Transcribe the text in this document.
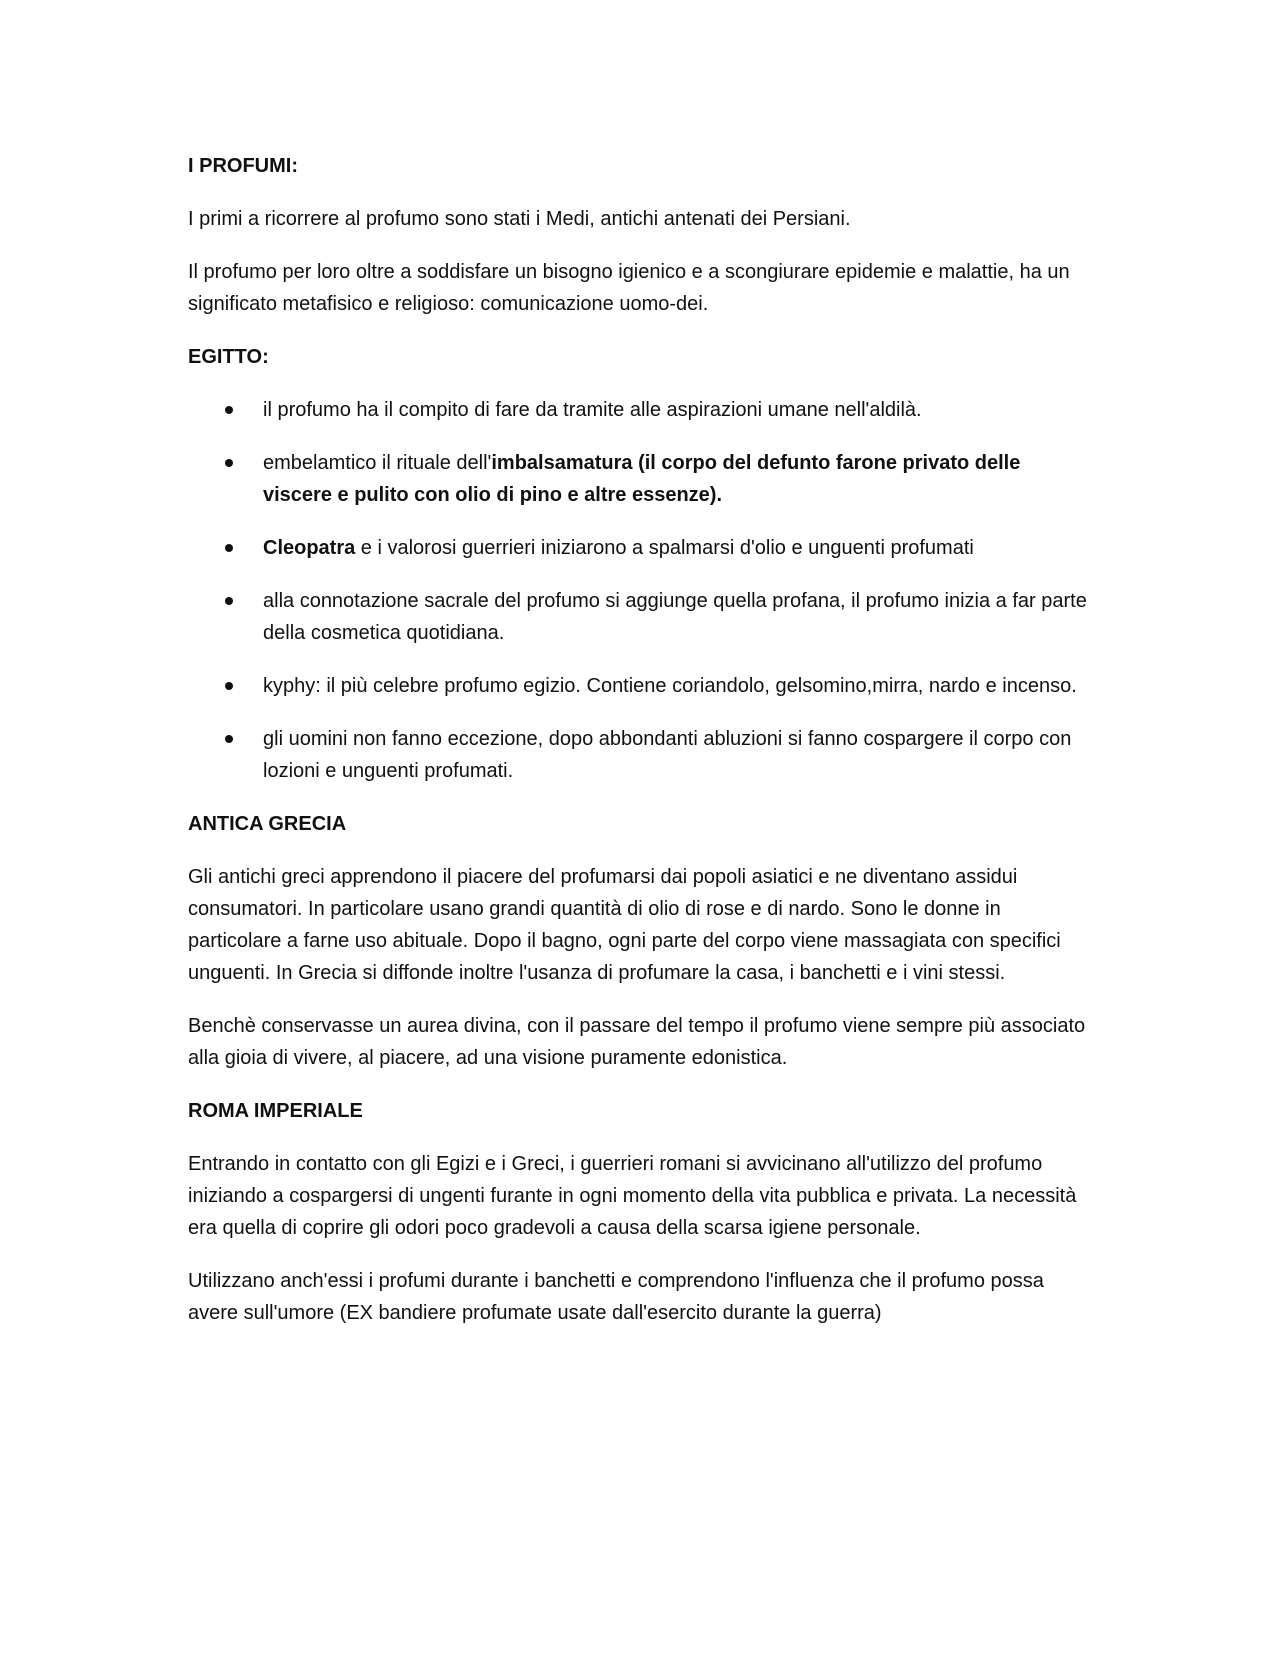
I PROFUMI:
I primi a ricorrere al profumo sono stati i Medi, antichi antenati dei Persiani.
Il profumo per loro oltre a soddisfare un bisogno igienico e a scongiurare epidemie e malattie, ha un significato metafisico e religioso: comunicazione uomo-dei.
EGITTO:
il profumo ha il compito di fare da tramite alle aspirazioni umane nell'aldilà.
embelamtico il rituale dell'imbalsamatura (il corpo del defunto farone privato delle viscere e pulito con olio di pino e altre essenze).
Cleopatra e i valorosi guerrieri iniziarono a spalmarsi d'olio e unguenti profumati
alla connotazione sacrale del profumo si aggiunge quella profana, il profumo inizia a far parte della cosmetica quotidiana.
kyphy: il più celebre profumo egizio. Contiene coriandolo, gelsomino,mirra, nardo e incenso.
gli uomini non fanno eccezione, dopo abbondanti abluzioni si fanno cospargere il corpo con lozioni e unguenti profumati.
ANTICA GRECIA
Gli antichi greci apprendono il piacere del profumarsi dai popoli asiatici e ne diventano assidui consumatori. In particolare usano grandi quantità di olio di rose e di nardo. Sono le donne in particolare a farne uso abituale. Dopo il bagno, ogni parte del corpo viene massagiata con specifici unguenti. In Grecia si diffonde inoltre l'usanza di profumare la casa, i banchetti e i vini stessi.
Benchè conservasse un aurea divina, con il passare del tempo il profumo viene sempre più associato alla gioia di vivere, al piacere, ad una visione puramente edonistica.
ROMA IMPERIALE
Entrando in contatto con gli Egizi e i Greci, i guerrieri romani si avvicinano all'utilizzo del profumo iniziando a cospargersi di ungenti furante in ogni momento della vita pubblica e privata. La necessità era quella di coprire gli odori poco gradevoli a causa della scarsa igiene personale.
Utilizzano anch'essi i profumi durante i banchetti e comprendono l'influenza che il profumo possa avere sull'umore (EX bandiere profumate usate dall'esercito durante la guerra)
